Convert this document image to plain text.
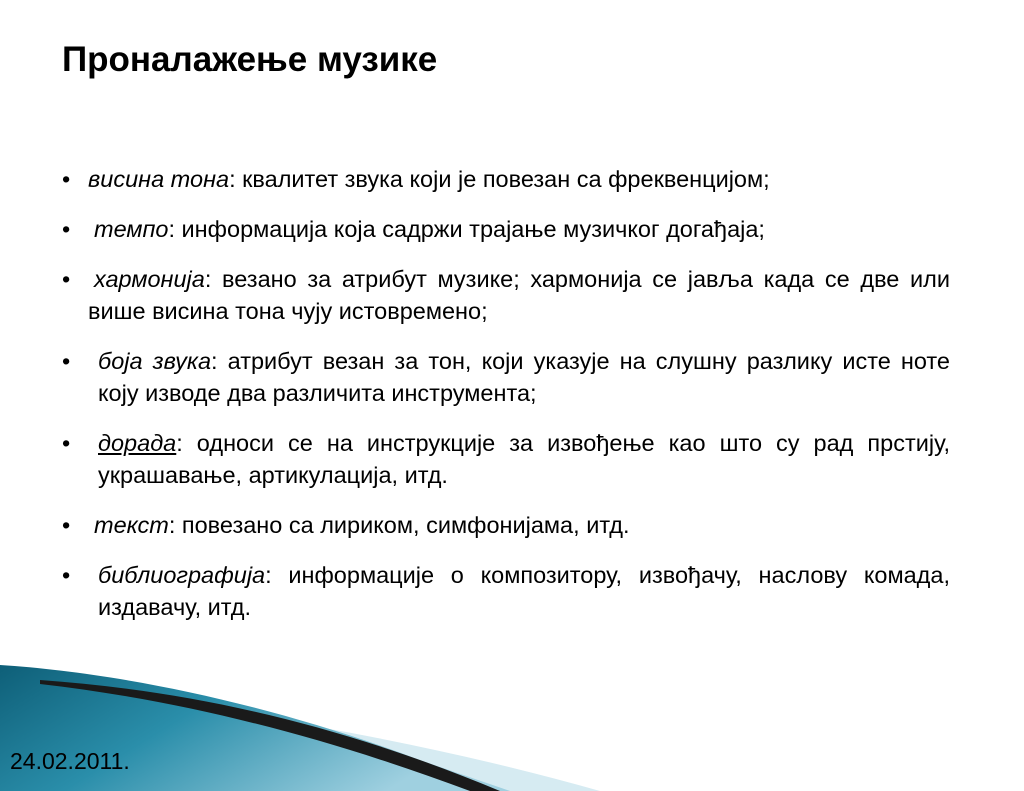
Проналажење музике
• висина тона: квалитет звука који је повезан са фреквенцијом;
•	темпо: информација која садржи трајање музичког догађаја;
•	хармонија: везано за атрибут музике; хармонија се јавља када се две или више висина тона чују истовремено;
•	боја звука: атрибут везан за тон, који указује на слушну разлику исте ноте коју изводе два различита инструмента;
•	дорада: односи се на инструкције за извођење као што су рад прстију, украшавање, артикулација, итд.
•	текст: повезано са лириком, симфонијама, итд.
•	библиографија: информације о композитору, извођачу, наслову комада, издавачу, итд.
24.02.2011.
